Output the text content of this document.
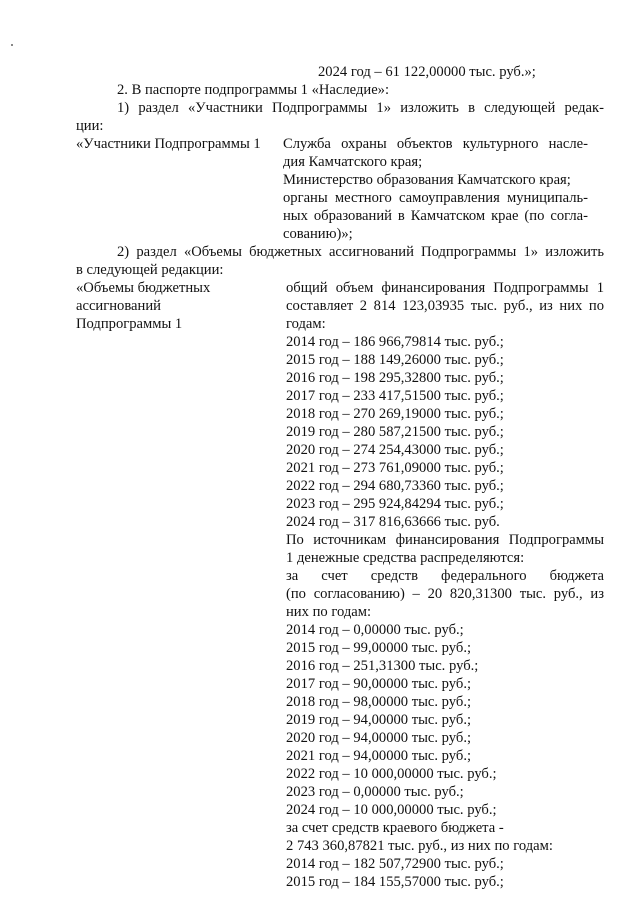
2024 год – 61 122,00000 тыс. руб.»;
2. В паспорте подпрограммы 1 «Наследие»:
1) раздел «Участники Подпрограммы 1» изложить в следующей редак-
ции:
«Участники Подпрограммы 1 Служба охраны объектов культурного насле-
дия Камчатского края;
Министерство образования Камчатского края;
органы местного самоуправления муниципаль-
ных образований в Камчатском крае (по согла-
сованию)»;
2) раздел «Объемы бюджетных ассигнований Подпрограммы 1» изложить
в следующей редакции:
«Объемы бюджетных
ассигнований
Подпрограммы 1
общий объем финансирования Подпрограммы 1
составляет 2 814 123,03935 тыс. руб., из них по
годам:
2014 год – 186 966,79814 тыс. руб.;
2015 год – 188 149,26000 тыс. руб.;
2016 год – 198 295,32800 тыс. руб.;
2017 год – 233 417,51500 тыс. руб.;
2018 год – 270 269,19000 тыс. руб.;
2019 год – 280 587,21500 тыс. руб.;
2020 год – 274 254,43000 тыс. руб.;
2021 год – 273 761,09000 тыс. руб.;
2022 год – 294 680,73360 тыс. руб.;
2023 год – 295 924,84294 тыс. руб.;
2024 год – 317 816,63666 тыс. руб.
По источникам финансирования Подпрограммы
1 денежные средства распределяются:
за счет средств федерального бюджета
(по согласованию) – 20 820,31300 тыс. руб., из
них по годам:
2014 год – 0,00000 тыс. руб.;
2015 год – 99,00000 тыс. руб.;
2016 год – 251,31300 тыс. руб.;
2017 год – 90,00000 тыс. руб.;
2018 год – 98,00000 тыс. руб.;
2019 год – 94,00000 тыс. руб.;
2020 год – 94,00000 тыс. руб.;
2021 год – 94,00000 тыс. руб.;
2022 год – 10 000,00000 тыс. руб.;
2023 год – 0,00000 тыс. руб.;
2024 год – 10 000,00000 тыс. руб.;
за счет средств краевого бюджета -
2 743 360,87821 тыс. руб., из них по годам:
2014 год – 182 507,72900 тыс. руб.;
2015 год – 184 155,57000 тыс. руб.;
